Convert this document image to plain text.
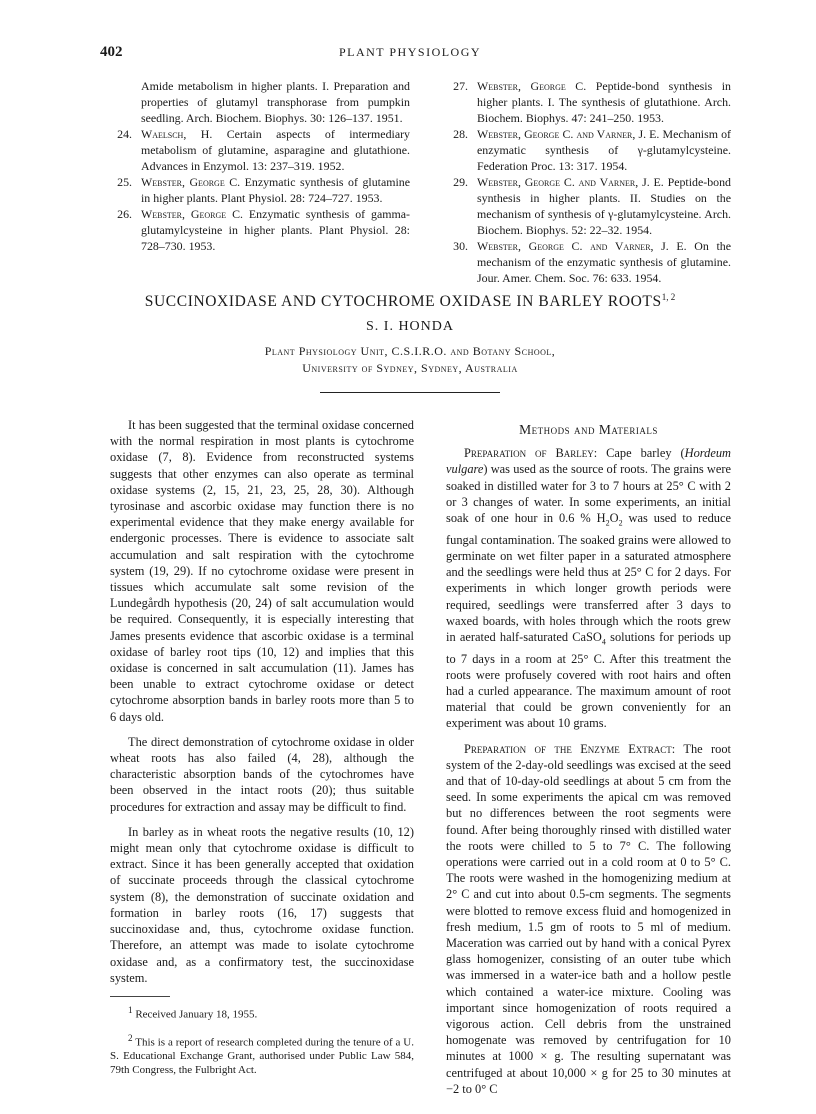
402	PLANT PHYSIOLOGY
Amide metabolism in higher plants. I. Preparation and properties of glutamyl transphorase from pumpkin seedling. Arch. Biochem. Biophys. 30: 126–137. 1951.
24. Waelsch, H. Certain aspects of intermediary metabolism of glutamine, asparagine and glutathione. Advances in Enzymol. 13: 237–319. 1952.
25. Webster, George C. Enzymatic synthesis of glutamine in higher plants. Plant Physiol. 28: 724–727. 1953.
26. Webster, George C. Enzymatic synthesis of gamma-glutamylcysteine in higher plants. Plant Physiol. 28: 728–730. 1953.
27. Webster, George C. Peptide-bond synthesis in higher plants. I. The synthesis of glutathione. Arch. Biochem. Biophys. 47: 241–250. 1953.
28. Webster, George C. and Varner, J. E. Mechanism of enzymatic synthesis of γ-glutamylcysteine. Federation Proc. 13: 317. 1954.
29. Webster, George C. and Varner, J. E. Peptide-bond synthesis in higher plants. II. Studies on the mechanism of synthesis of γ-glutamylcysteine. Arch. Biochem. Biophys. 52: 22–32. 1954.
30. Webster, George C. and Varner, J. E. On the mechanism of the enzymatic synthesis of glutamine. Jour. Amer. Chem. Soc. 76: 633. 1954.
SUCCINOXIDASE AND CYTOCHROME OXIDASE IN BARLEY ROOTS$^{1, 2}$
S. I. HONDA
Plant Physiology Unit, C.S.I.R.O. and Botany School,
University of Sydney, Sydney, Australia

It has been suggested that the terminal oxidase concerned with the normal respiration in most plants is cytochrome oxidase (7, 8). Evidence from reconstructed systems suggests that other enzymes can also operate as terminal oxidase systems (2, 15, 21, 23, 25, 28, 30). Although tyrosinase and ascorbic oxidase may function there is no experimental evidence that they make energy available for endergonic processes. There is evidence to associate salt accumulation and salt respiration with the cytochrome system (19, 29). If no cytochrome oxidase were present in tissues which accumulate salt some revision of the Lundegårdh hypothesis (20, 24) of salt accumulation would be required. Consequently, it is especially interesting that James presents evidence that ascorbic oxidase is a terminal oxidase of barley root tips (10, 12) and implies that this oxidase is concerned in salt accumulation (11). James has been unable to extract cytochrome oxidase or detect cytochrome absorption bands in barley roots more than 5 to 6 days old.

The direct demonstration of cytochrome oxidase in older wheat roots has also failed (4, 28), although the characteristic absorption bands of the cytochromes have been observed in the intact roots (20); thus suitable procedures for extraction and assay may be difficult to find.

In barley as in wheat roots the negative results (10, 12) might mean only that cytochrome oxidase is difficult to extract. Since it has been generally accepted that oxidation of succinate proceeds through the classical cytochrome system (8), the demonstration of succinate oxidation and formation in barley roots (16, 17) suggests that succinoxidase and, thus, cytochrome oxidase function. Therefore, an attempt was made to isolate cytochrome oxidase and, as a confirmatory test, the succinoxidase system.

$^1$ Received January 18, 1955.

$^2$ This is a report of research completed during the tenure of a U. S. Educational Exchange Grant, authorised under Public Law 584, 79th Congress, the Fulbright Act.

Methods and Materials

Preparation of Barley: Cape barley (Hordeum vulgare) was used as the source of roots. The grains were soaked in distilled water for 3 to 7 hours at 25° C with 2 or 3 changes of water. In some experiments, an initial soak of one hour in 0.6 % $H_2O_2$ was used to reduce fungal contamination. The soaked grains were allowed to germinate on wet filter paper in a saturated atmosphere and the seedlings were held thus at 25° C for 2 days. For experiments in which longer growth periods were required, seedlings were transferred after 3 days to waxed boards, with holes through which the roots grew in aerated half-saturated CaSO$_4$ solutions for periods up to 7 days in a room at 25° C. After this treatment the roots were profusely covered with root hairs and often had a curled appearance. The maximum amount of root material that could be grown conveniently for an experiment was about 10 grams.

Preparation of the Enzyme Extract: The root system of the 2-day-old seedlings was excised at the seed and that of 10-day-old seedlings at about 5 cm from the seed. In some experiments the apical cm was removed but no differences between the root segments were found. After being thoroughly rinsed with distilled water the roots were chilled to 5 to 7° C. The following operations were carried out in a cold room at 0 to 5° C. The roots were washed in the homogenizing medium at 2° C and cut into about 0.5-cm segments. The segments were blotted to remove excess fluid and homogenized in fresh medium, 1.5 gm of roots to 5 ml of medium. Maceration was carried out by hand with a conical Pyrex glass homogenizer, consisting of an outer tube which was immersed in a water-ice bath and a hollow pestle which contained a water-ice mixture. Cooling was important since homogenization of roots required a vigorous action. Cell debris from the unstrained homogenate was removed by centrifugation for 10 minutes at 1000 × g. The resulting supernatant was centrifuged at about 10,000 × g for 25 to 30 minutes at −2 to 0° C
